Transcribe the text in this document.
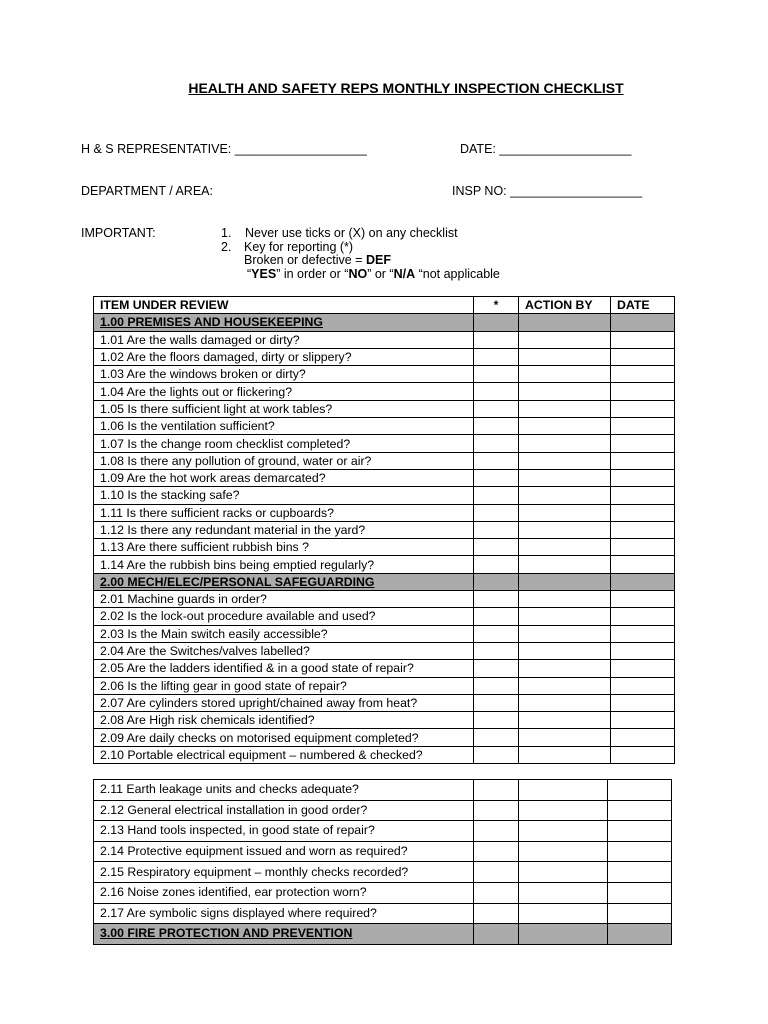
HEALTH AND SAFETY REPS MONTHLY INSPECTION CHECKLIST
H & S REPRESENTATIVE: ___________________	DATE: ___________________
DEPARTMENT / AREA:	INSP NO: ___________________
IMPORTANT:	1. Never use ticks or (X) on any checklist
2. Key for reporting (*)
Broken or defective = DEF
“YES” in order or “NO” or “N/A “not applicable
ITEM UNDER REVIEW	*	ACTION BY	DATE
1.00 PREMISES AND HOUSEKEEPING			
1.01 Are the walls damaged or dirty?			
1.02 Are the floors damaged, dirty or slippery?			
1.03 Are the windows broken or dirty?			
1.04 Are the lights out or flickering?			
1.05 Is there sufficient light at work tables?			
1.06 Is the ventilation sufficient?			
1.07 Is the change room checklist completed?			
1.08 Is there any pollution of ground, water or air?			
1.09 Are the hot work areas demarcated?			
1.10 Is the stacking safe?			
1.11 Is there sufficient racks or cupboards?			
1.12 Is there any redundant material in the yard?			
1.13 Are there sufficient rubbish bins ?			
1.14 Are the rubbish bins being emptied regularly?			
2.00 MECH/ELEC/PERSONAL SAFEGUARDING			
2.01 Machine guards in order?			
2.02 Is the lock-out procedure available and used?			
2.03 Is the Main switch easily accessible?			
2.04 Are the Switches/valves labelled?			
2.05 Are the ladders identified & in a good state of repair?			
2.06 Is the lifting gear in good state of repair?			
2.07 Are cylinders stored upright/chained away from heat?			
2.08 Are High risk chemicals identified?			
2.09 Are daily checks on motorised equipment completed?			
2.10 Portable electrical equipment – numbered & checked?			
2.11 Earth leakage units and checks adequate?			
2.12 General electrical installation in good order?			
2.13 Hand tools inspected, in good state of repair?			
2.14 Protective equipment issued and worn as required?			
2.15 Respiratory equipment – monthly checks recorded?			
2.16 Noise zones identified, ear protection worn?			
2.17 Are symbolic signs displayed where required?			
3.00 FIRE PROTECTION AND PREVENTION			
